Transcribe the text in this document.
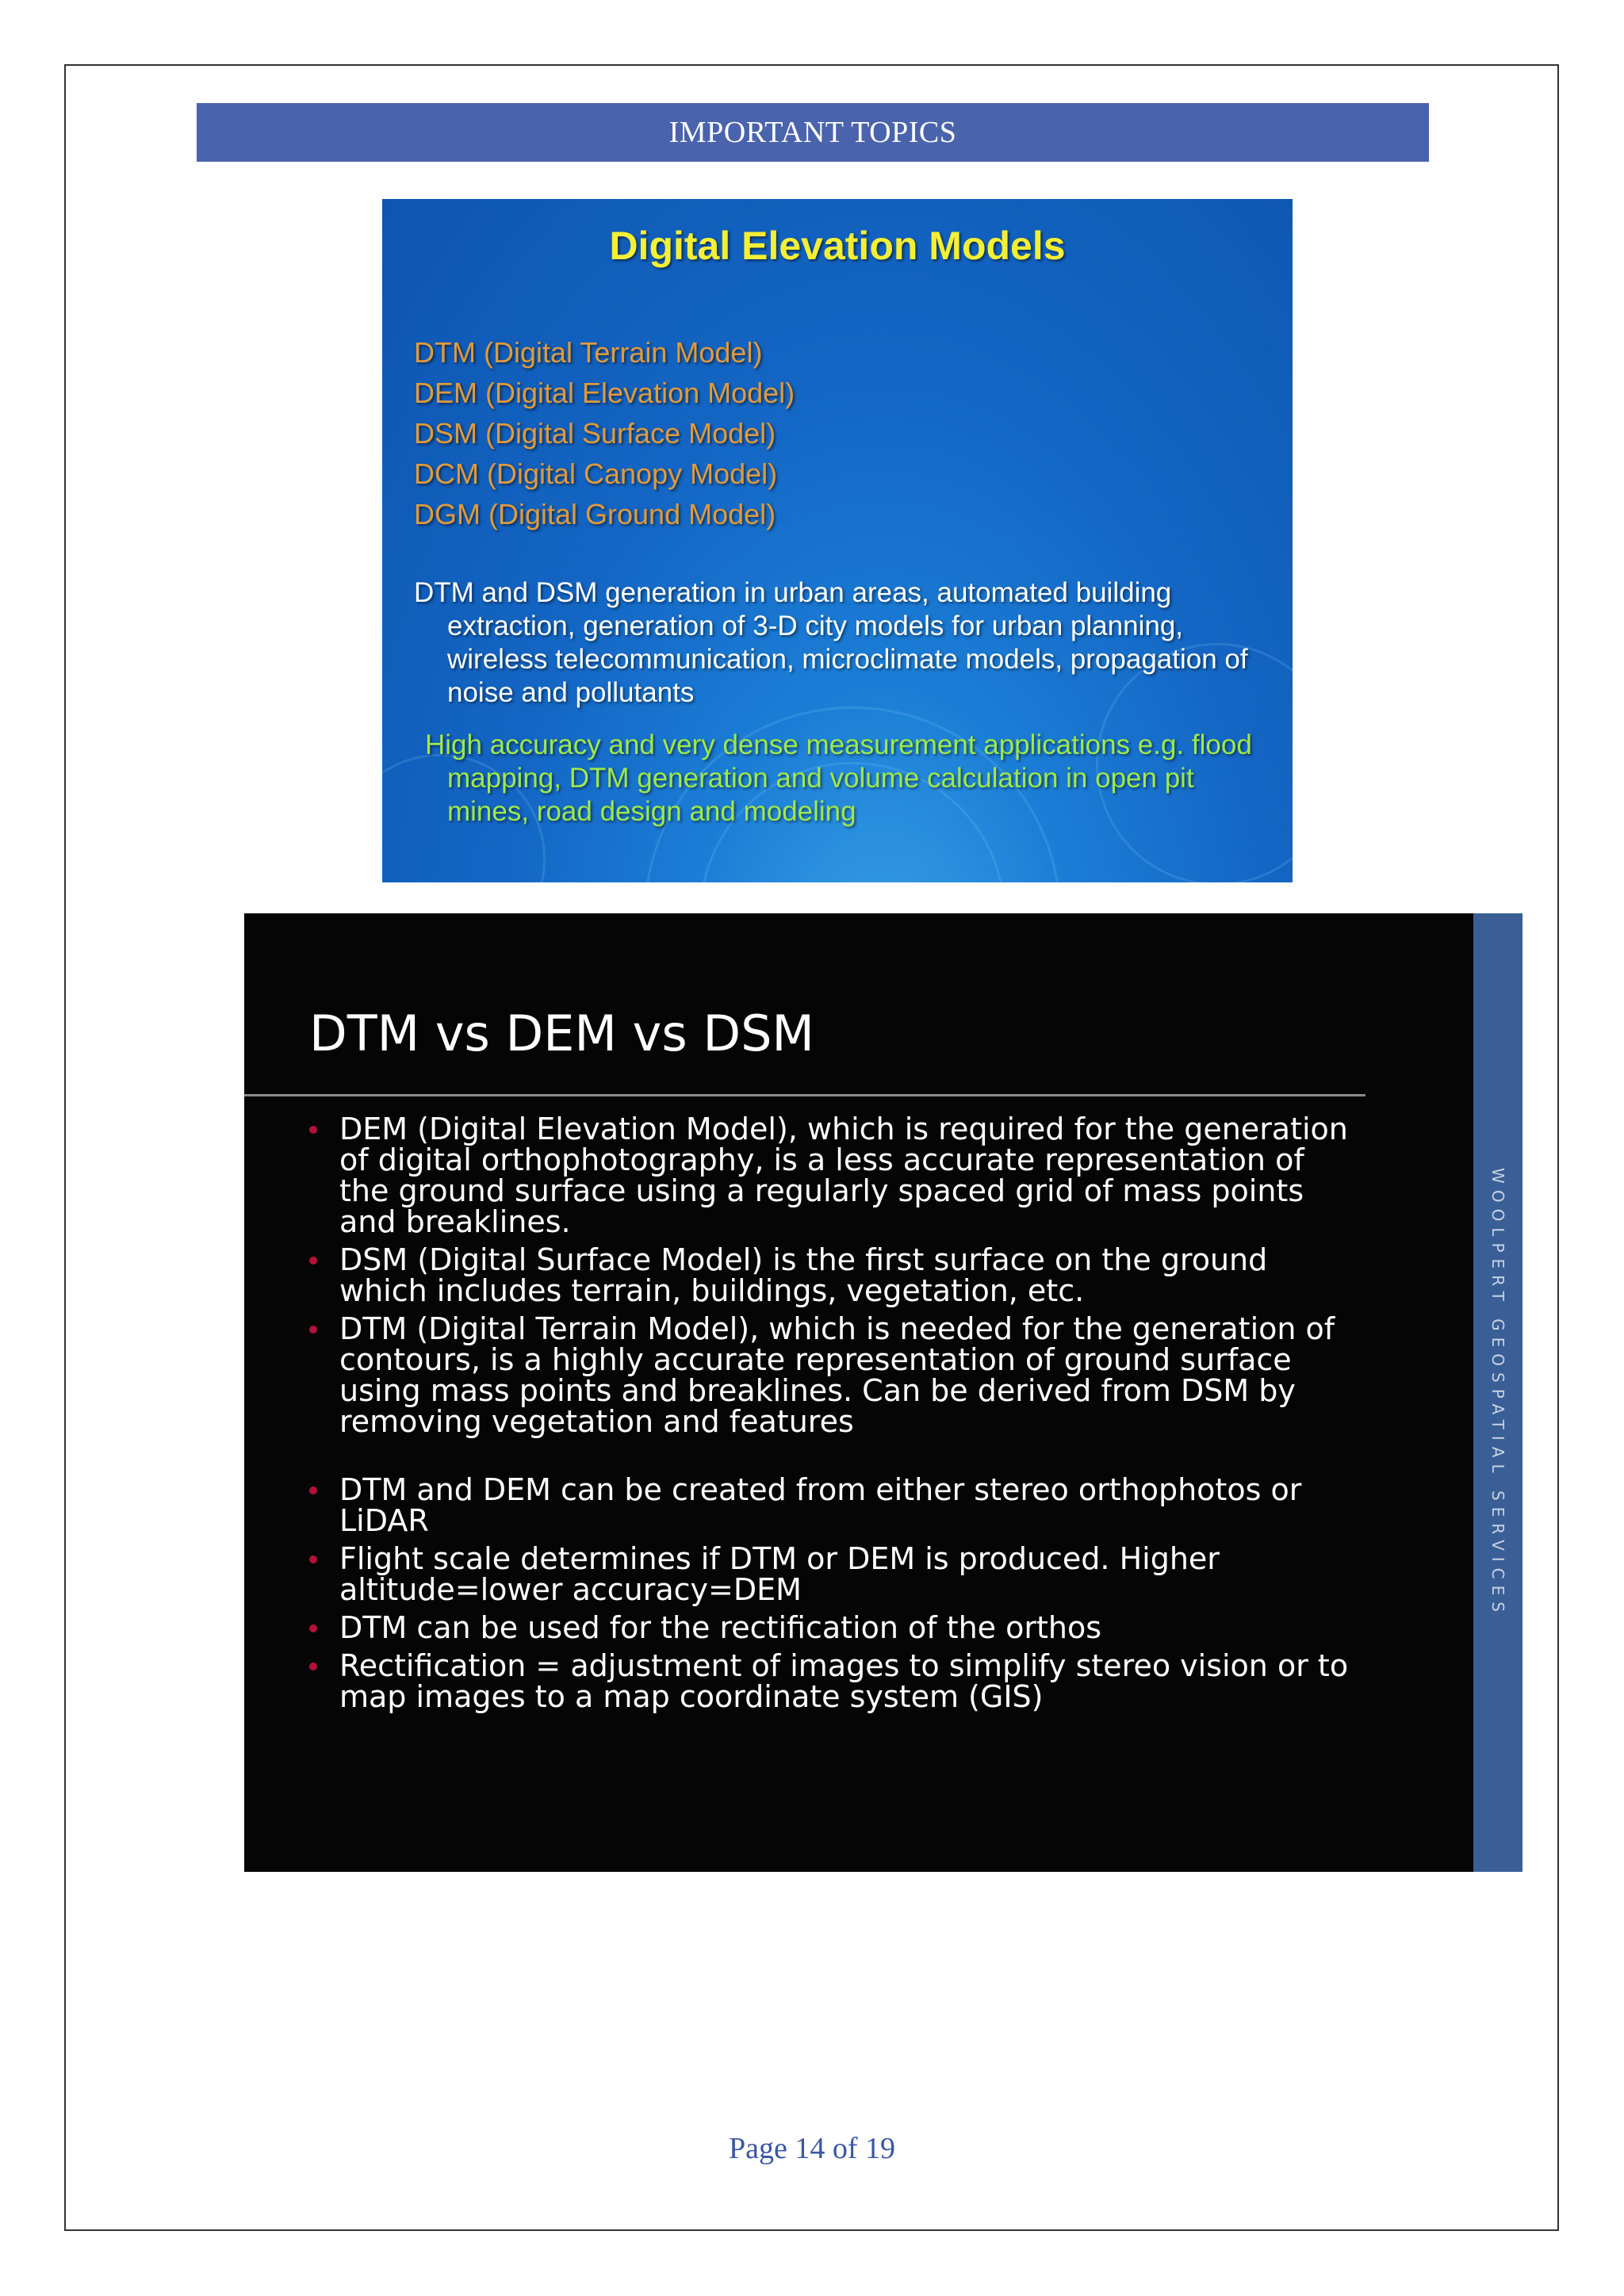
IMPORTANT TOPICS
Digital Elevation Models
DTM (Digital Terrain Model)
DEM (Digital Elevation Model)
DSM (Digital Surface Model)
DCM (Digital Canopy Model)
DGM (Digital Ground Model)

DTM and DSM generation in urban areas, automated building extraction, generation of 3-D city models for urban planning, wireless telecommunication, microclimate models, propagation of noise and pollutants

High accuracy and very dense measurement applications e.g. flood mapping, DTM generation and volume calculation in open pit mines, road design and modeling

DTM vs DEM vs DSM
DEM (Digital Elevation Model), which is required for the generation of digital orthophotography, is a less accurate representation of the ground surface using a regularly spaced grid of mass points and breaklines.
DSM (Digital Surface Model) is the first surface on the ground which includes terrain, buildings, vegetation, etc.
DTM (Digital Terrain Model), which is needed for the generation of contours, is a highly accurate representation of ground surface using mass points and breaklines. Can be derived from DSM by removing vegetation and features
DTM and DEM can be created from either stereo orthophotos or LiDAR
Flight scale determines if DTM or DEM is produced. Higher altitude=lower accuracy=DEM
DTM can be used for the rectification of the orthos
Rectification = adjustment of images to simplify stereo vision or to map images to a map coordinate system (GIS)
WOOLPERT GEOSPATIAL SERVICES
Page 14 of 19
